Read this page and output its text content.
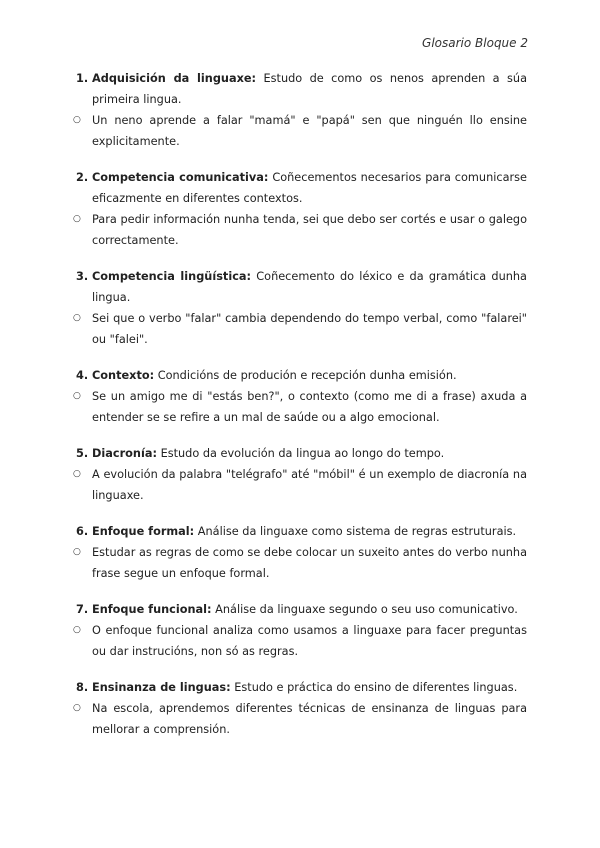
Glosario Bloque 2
1. Adquisición da linguaxe: Estudo de como os nenos aprenden a súa primeira lingua.
○ Un neno aprende a falar "mamá" e "papá" sen que ninguén llo ensine explicitamente.
2. Competencia comunicativa: Coñecementos necesarios para comunicarse eficazmente en diferentes contextos.
○ Para pedir información nunha tenda, sei que debo ser cortés e usar o galego correctamente.
3. Competencia lingüística: Coñecemento do léxico e da gramática dunha lingua.
○ Sei que o verbo "falar" cambia dependendo do tempo verbal, como "falarei" ou "falei".
4. Contexto: Condicións de produción e recepción dunha emisión.
○ Se un amigo me di "estás ben?", o contexto (como me di a frase) axuda a entender se se refire a un mal de saúde ou a algo emocional.
5. Diacronía: Estudo da evolución da lingua ao longo do tempo.
○ A evolución da palabra "telégrafo" até "móbil" é un exemplo de diacronía na linguaxe.
6. Enfoque formal: Análise da linguaxe como sistema de regras estruturais.
○ Estudar as regras de como se debe colocar un suxeito antes do verbo nunha frase segue un enfoque formal.
7. Enfoque funcional: Análise da linguaxe segundo o seu uso comunicativo.
○ O enfoque funcional analiza como usamos a linguaxe para facer preguntas ou dar instrucións, non só as regras.
8. Ensinanza de linguas: Estudo e práctica do ensino de diferentes linguas.
○ Na escola, aprendemos diferentes técnicas de ensinanza de linguas para mellorar a comprensión.
